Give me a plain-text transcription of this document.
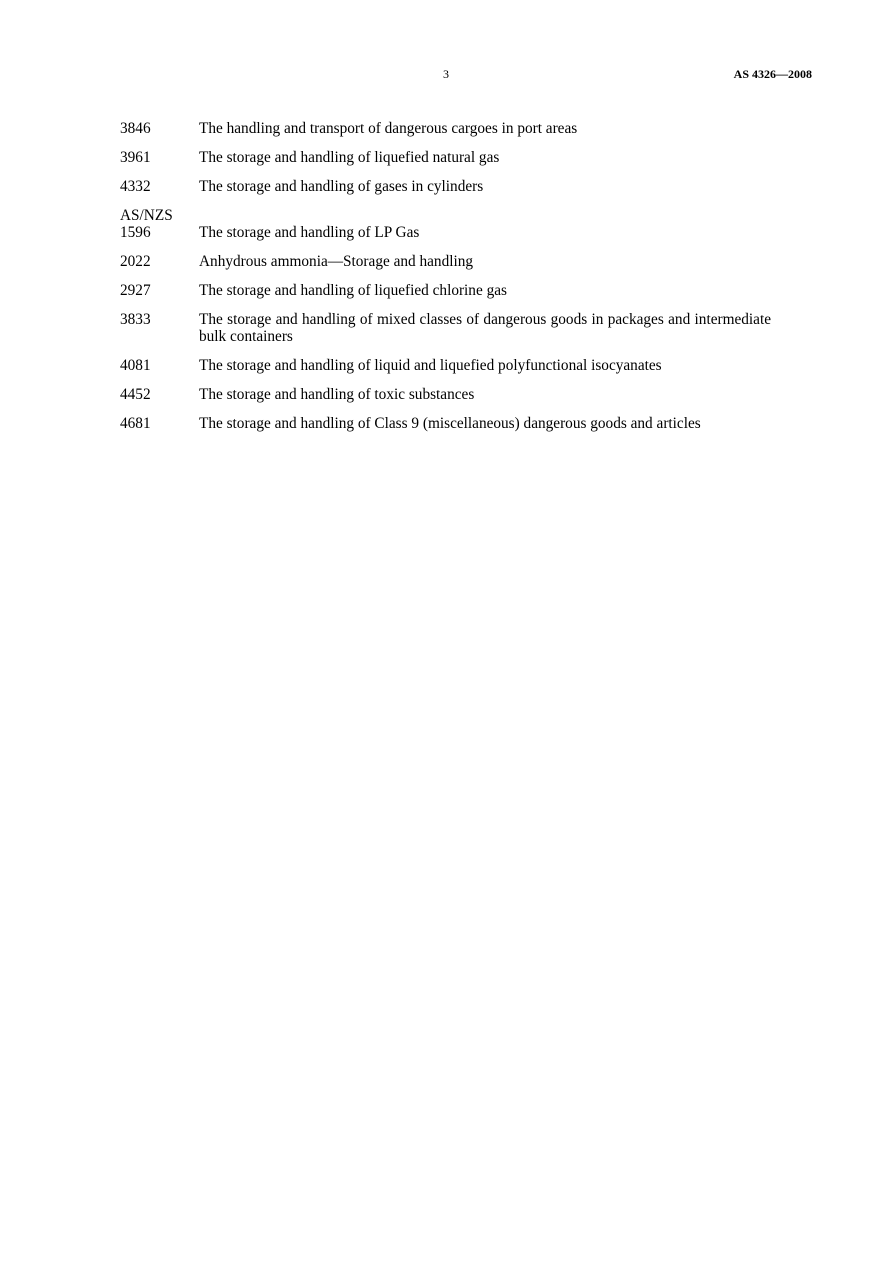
3	AS 4326—2008
3846	The handling and transport of dangerous cargoes in port areas
3961	The storage and handling of liquefied natural gas
4332	The storage and handling of gases in cylinders
AS/NZS
1596	The storage and handling of LP Gas
2022	Anhydrous ammonia—Storage and handling
2927	The storage and handling of liquefied chlorine gas
3833	The storage and handling of mixed classes of dangerous goods in packages and intermediate bulk containers
4081	The storage and handling of liquid and liquefied polyfunctional isocyanates
4452	The storage and handling of toxic substances
4681	The storage and handling of Class 9 (miscellaneous) dangerous goods and articles
